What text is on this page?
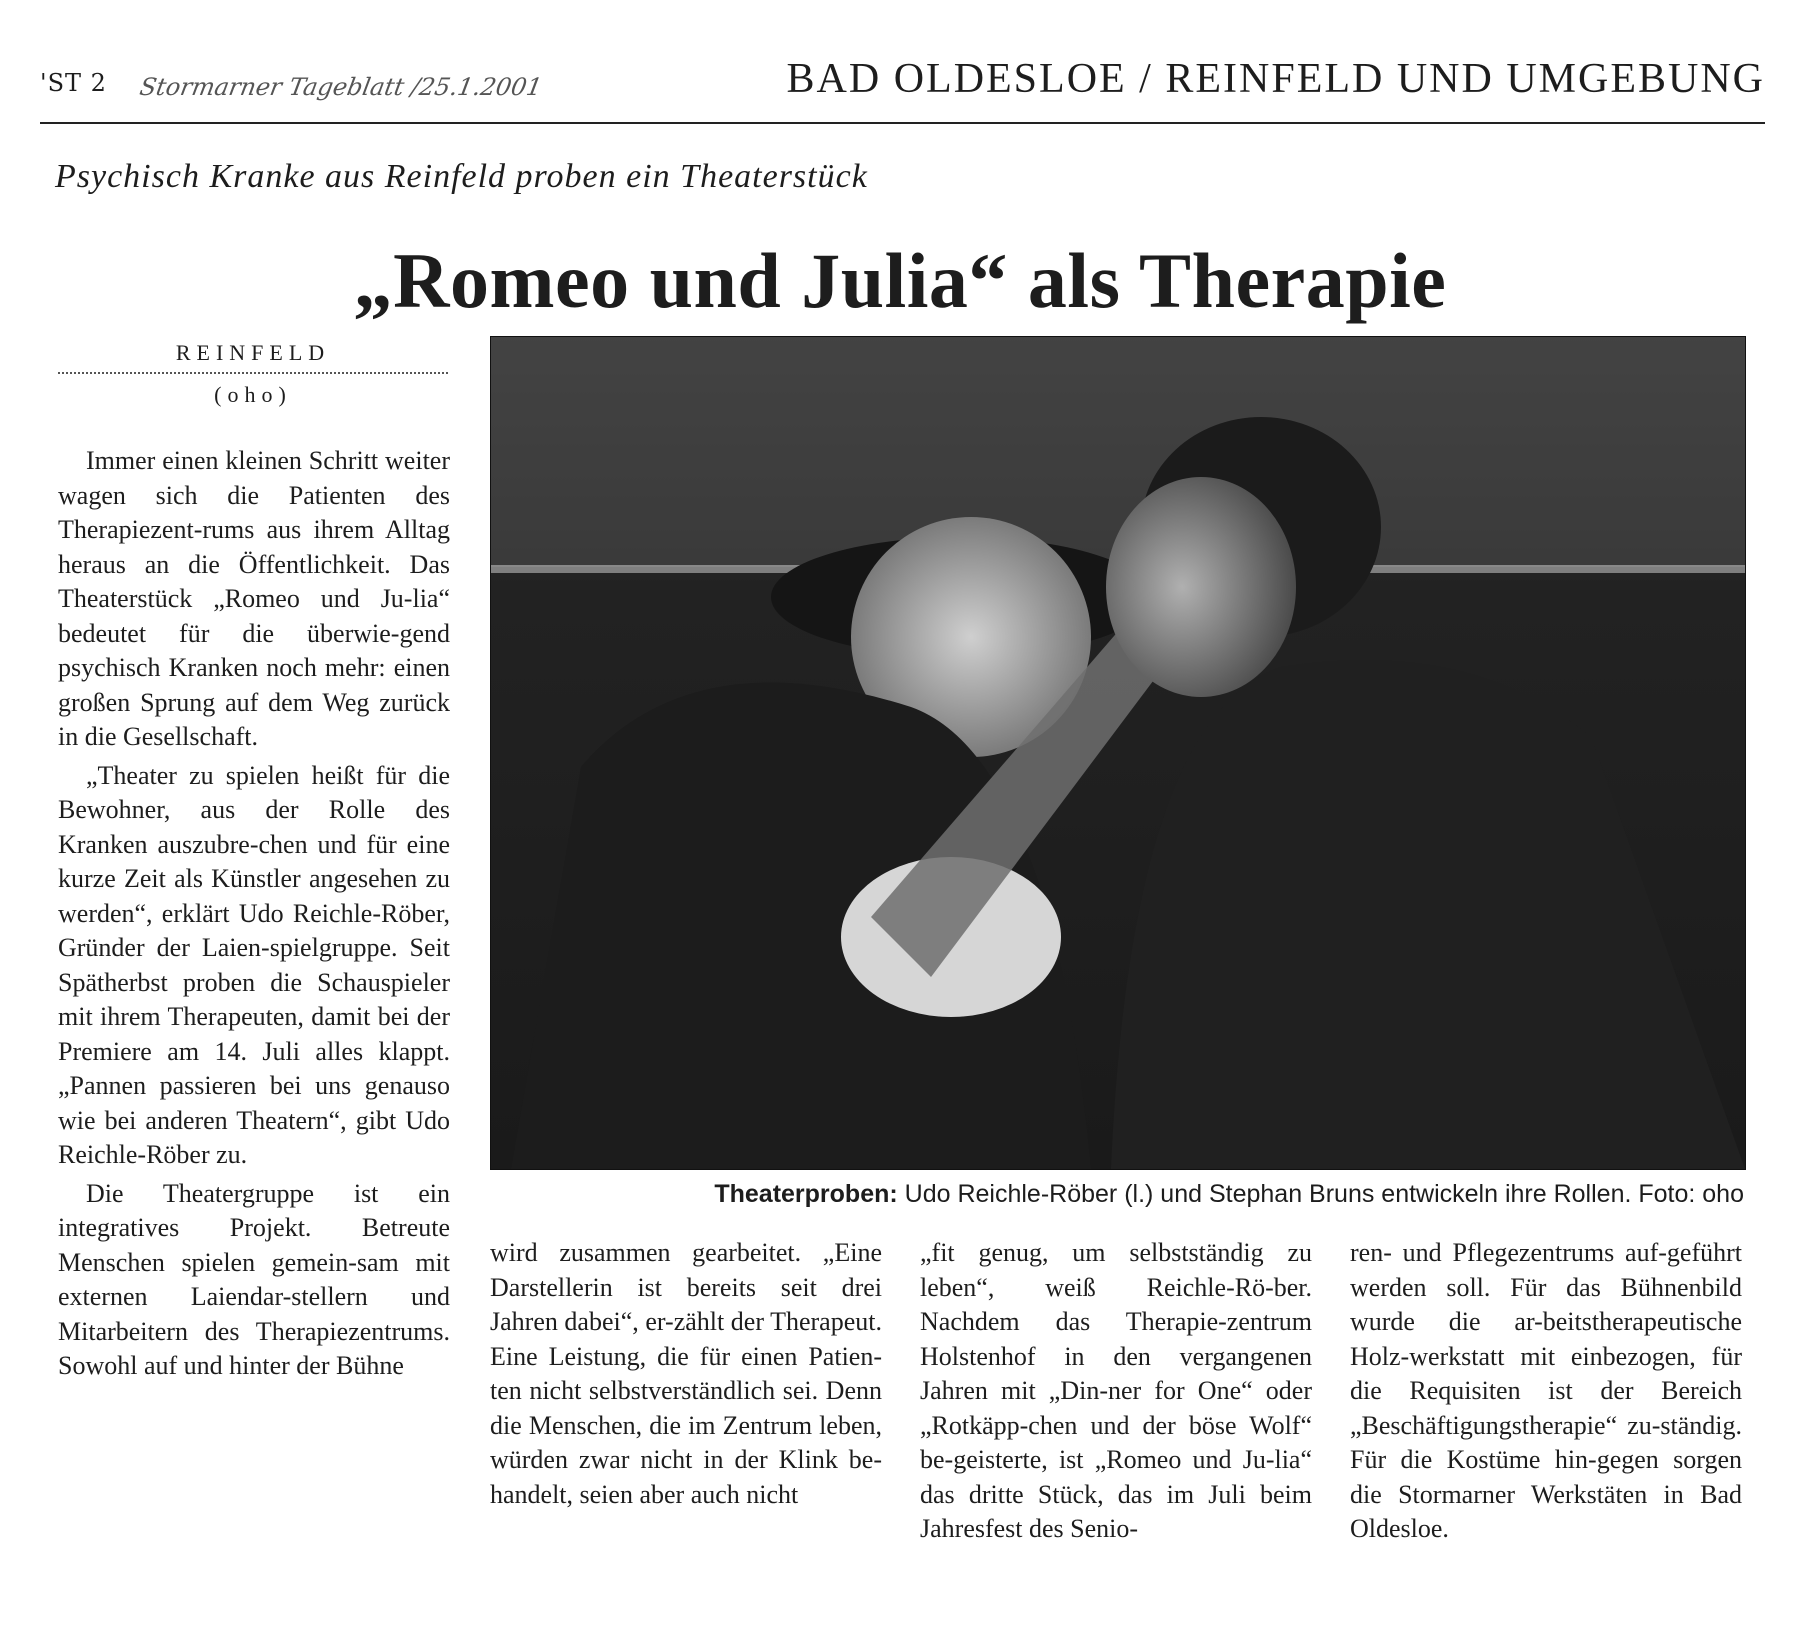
'ST 2 Stormarner Tageblatt /25.1.2001	BAD OLDESLOE / REINFELD UND UMGEBUNG
Psychisch Kranke aus Reinfeld proben ein Theaterstück
„Romeo und Julia“ als Therapie
REINFELD
(oho)

Immer einen kleinen Schritt weiter wagen sich die Patienten des Therapiezent-rums aus ihrem Alltag heraus an die Öffentlichkeit. Das Theaterstück „Romeo und Ju-lia“ bedeutet für die überwie-gend psychisch Kranken noch mehr: einen großen Sprung auf dem Weg zurück in die Gesellschaft.

„Theater zu spielen heißt für die Bewohner, aus der Rolle des Kranken auszubre-chen und für eine kurze Zeit als Künstler angesehen zu werden“, erklärt Udo Reichle-Röber, Gründer der Laien-spielgruppe. Seit Spätherbst proben die Schauspieler mit ihrem Therapeuten, damit bei der Premiere am 14. Juli alles klappt. „Pannen passieren bei uns genauso wie bei anderen Theatern“, gibt Udo Reichle-Röber zu.

Die Theatergruppe ist ein integratives Projekt. Betreute Menschen spielen gemein-sam mit externen Laiendar-stellern und Mitarbeitern des Therapiezentrums. Sowohl auf und hinter der Bühne

Theaterproben: Udo Reichle-Röber (l.) und Stephan Bruns entwickeln ihre Rollen. Foto: oho

wird zusammen gearbeitet. „Eine Darstellerin ist bereits seit drei Jahren dabei“, er-zählt der Therapeut. Eine Leistung, die für einen Patien-ten nicht selbstverständlich sei. Denn die Menschen, die im Zentrum leben, würden zwar nicht in der Klink be-handelt, seien aber auch nicht

„fit genug, um selbstständig zu leben“, weiß Reichle-Rö-ber. Nachdem das Therapie-zentrum Holstenhof in den vergangenen Jahren mit „Din-ner for One“ oder „Rotkäpp-chen und der böse Wolf“ be-geisterte, ist „Romeo und Ju-lia“ das dritte Stück, das im Juli beim Jahresfest des Senio-

ren- und Pflegezentrums auf-geführt werden soll. Für das Bühnenbild wurde die ar-beitstherapeutische Holz-werkstatt mit einbezogen, für die Requisiten ist der Bereich „Beschäftigungstherapie“ zu-ständig. Für die Kostüme hin-gegen sorgen die Stormarner Werkstäten in Bad Oldesloe.
